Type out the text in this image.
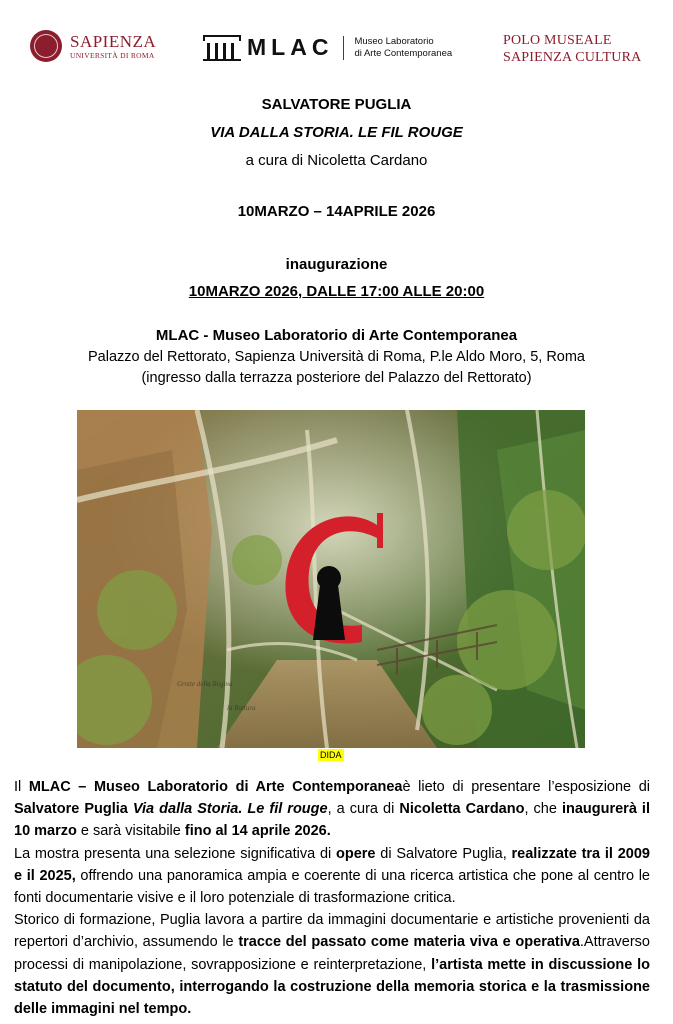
SAPIENZA
UNIVERSITÀ DI ROMA	MLAC Museo Laboratorio
di Arte Contemporanea
POLO MUSEALE
SAPIENZA CULTURA
SALVATORE PUGLIA
VIA DALLA STORIA. LE FIL ROUGE
a cura di Nicoletta Cardano
10MARZO – 14APRILE 2026
inaugurazione
10MARZO 2026, DALLE 17:00 ALLE 20:00
MLAC - Museo Laboratorio di Arte Contemporanea
Palazzo del Rettorato, Sapienza Università di Roma, P.le Aldo Moro, 5, Roma
(ingresso dalla terrazza posteriore del Palazzo del Rettorato)
Grotte della Regina
la Rottura
DIDA

Il MLAC – Museo Laboratorio di Arte Contemporaneaè lieto di presentare l’esposizione di Salvatore Puglia Via dalla Storia. Le fil rouge, a cura di Nicoletta Cardano, che inaugurerà il 10 marzo e sarà visitabile fino al 14 aprile 2026.

La mostra presenta una selezione significativa di opere di Salvatore Puglia, realizzate tra il 2009 e il 2025, offrendo una panoramica ampia e coerente di una ricerca artistica che pone al centro le fonti documentarie visive e il loro potenziale di trasformazione critica.

Storico di formazione, Puglia lavora a partire da immagini documentarie e artistiche provenienti da repertori d’archivio, assumendo le tracce del passato come materia viva e operativa.Attraverso processi di manipolazione, sovrapposizione e reinterpretazione, l’artista mette in discussione lo statuto del documento, interrogando la costruzione della memoria storica e la trasmissione delle immagini nel tempo.
